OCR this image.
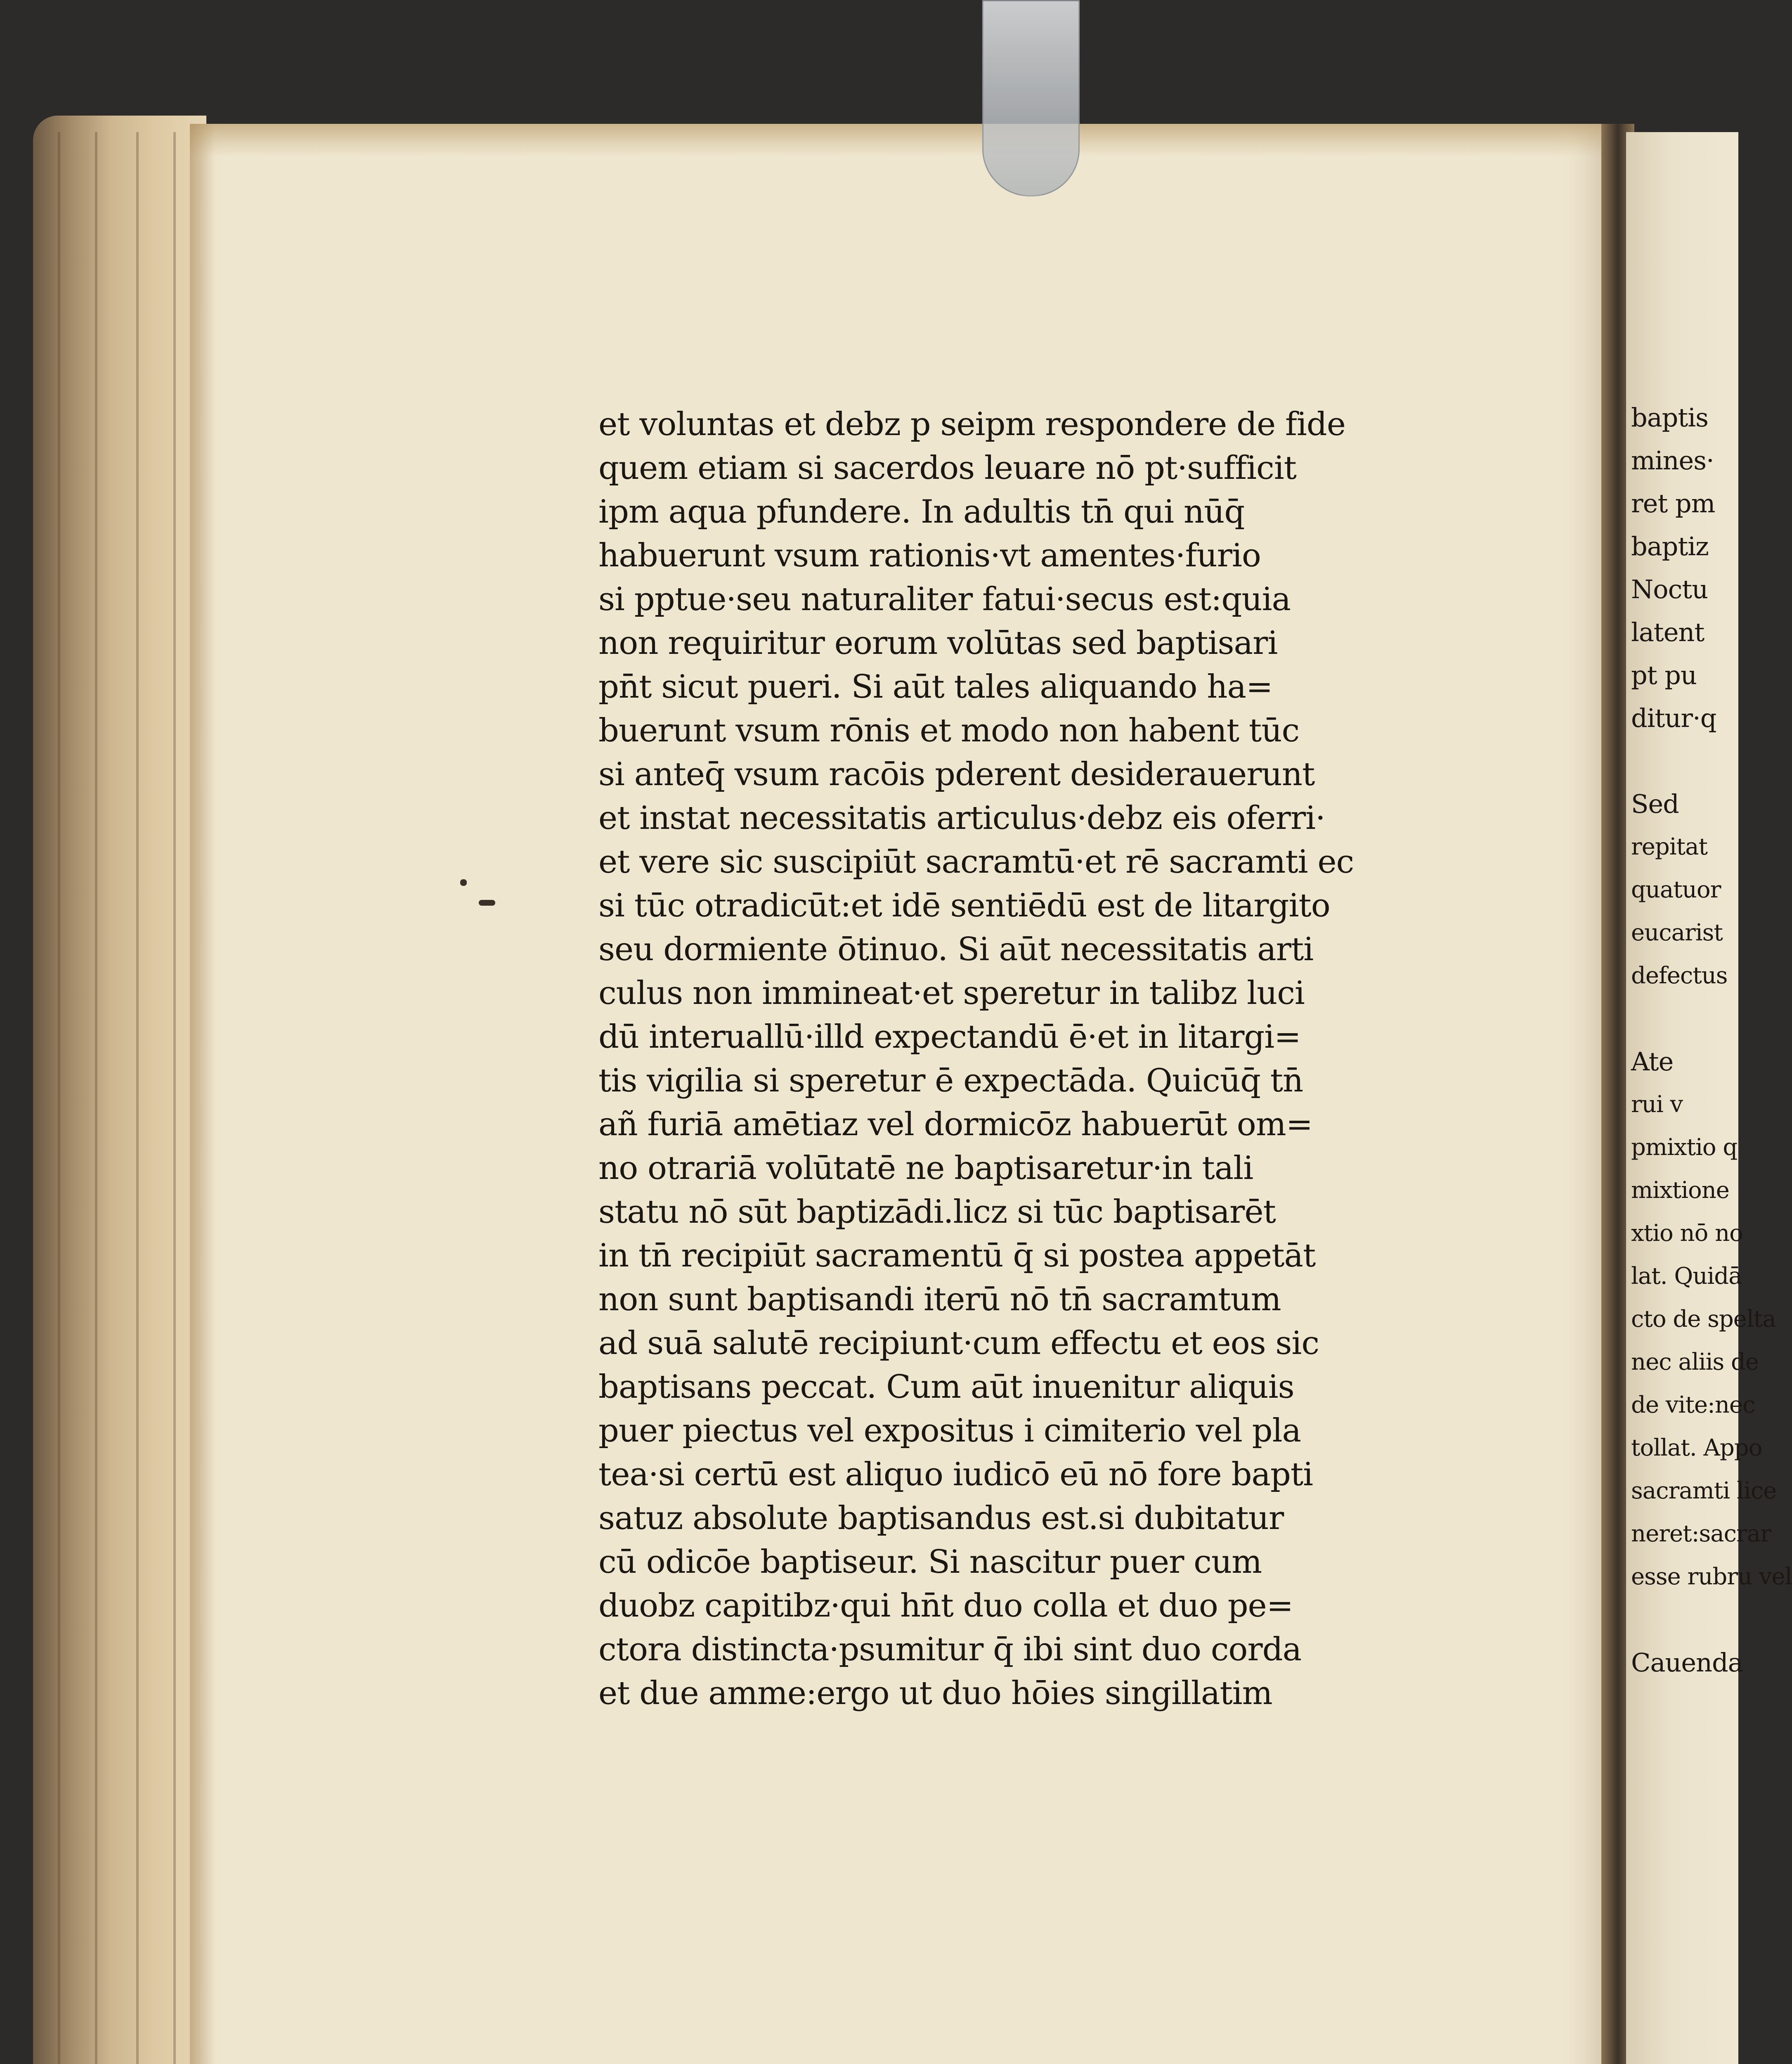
et voluntas et debz p seipm respondere de fide
quem etiam si sacerdos leuare nō pt·sufficit
ipm aqua pfundere. In adultis tn̄ qui nūq̄
habuerunt vsum rationis·vt amentes·furio
si pptue·seu naturaliter fatui·secus est:quia
non requiritur eorum volūtas sed baptisari
pn̄t sicut pueri. Si aūt tales aliquando ha=
buerunt vsum rōnis et modo non habent tūc
si anteq̄ vsum racōis pderent desiderauerunt
et instat necessitatis articulus·debz eis oferri·
et vere sic suscipiūt sacramtū·et rē sacramti ec
si tūc otradicūt:et idē sentiēdū est de litargito
seu dormiente ōtinuo. Si aūt necessitatis arti
culus non immineat·et speretur in talibz luci
dū interuallū·illd expectandū ē·et in litargi=
tis vigilia si speretur ē expectāda. Quicūq̄ tn̄
añ furiā amētiaz vel dormicōz habuerūt om=
no otrariā volūtatē ne baptisaretur·in tali
statu nō sūt baptizādi.licz si tūc baptisarēt
in tn̄ recipiūt sacramentū q̄ si postea appetāt
non sunt baptisandi iterū nō tn̄ sacramtum
ad suā salutē recipiunt·cum effectu et eos sic
baptisans peccat. Cum aūt inuenitur aliquis
puer piectus vel expositus i cimiterio vel pla
tea·si certū est aliquo iudicō eū nō fore bapti
satuz absolute baptisandus est.si dubitatur
cū odicōe baptiseur. Si nascitur puer cum
duobz capitibz·qui hn̄t duo colla et duo pe=
ctora distincta·psumitur q̄ ibi sint duo corda
et due amme:ergo ut duo hōies singillatim
baptis
mines·
ret pm
baptiz
Noctu
latent
pt pu
ditur·q
Sed
repitat
quatuor
eucarist
defectus
Ate
rui v
pmixtio q
mixtione
xtio nō no
lat. Quidā
cto de spelta
nec aliis de
de vite:nec
tollat. Appo
sacramti lice
neret:sacrar
esse rubru vel
Cauenda
